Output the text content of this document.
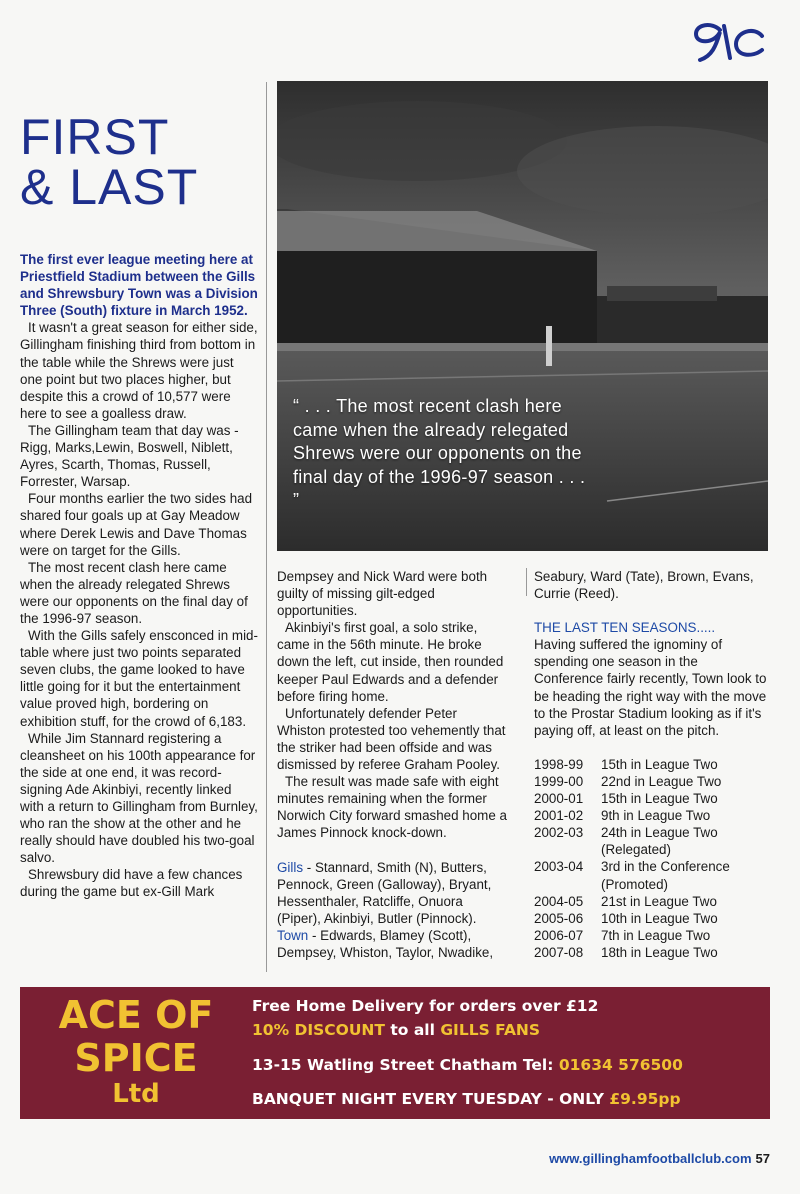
FIRST
& LAST

“ . . . The most recent clash here came when the already relegated Shrews were our opponents on the final day of the 1996-97 season . . . ”

The first ever league meeting here at Priestfield Stadium between the Gills and Shrewsbury Town was a Division Three (South) fixture in March 1952.

It wasn't a great season for either side, Gillingham finishing third from bottom in the table while the Shrews were just one point but two places higher, but despite this a crowd of 10,577 were here to see a goalless draw.

The Gillingham team that day was - Rigg, Marks,Lewin, Boswell, Niblett, Ayres, Scarth, Thomas, Russell, Forrester, Warsap.

Four months earlier the two sides had shared four goals up at Gay Meadow where Derek Lewis and Dave Thomas were on target for the Gills.

The most recent clash here came when the already relegated Shrews were our opponents on the final day of the 1996-97 season.

With the Gills safely ensconced in mid-table where just two points separated seven clubs, the game looked to have little going for it but the entertainment value proved high, bordering on exhibition stuff, for the crowd of 6,183.

While Jim Stannard registering a cleansheet on his 100th appearance for the side at one end, it was record-signing Ade Akinbiyi, recently linked with a return to Gillingham from Burnley, who ran the show at the other and he really should have doubled his two-goal salvo.

Shrewsbury did have a few chances during the game but ex-Gill Mark

Dempsey and Nick Ward were both guilty of missing gilt-edged opportunities.

Akinbiyi's first goal, a solo strike, came in the 56th minute. He broke down the left, cut inside, then rounded keeper Paul Edwards and a defender before firing home.

Unfortunately defender Peter Whiston protested too vehemently that the striker had been offside and was dismissed by referee Graham Pooley.

The result was made safe with eight minutes remaining when the former Norwich City forward smashed home a James Pinnock knock-down.

Gills - Stannard, Smith (N), Butters, Pennock, Green (Galloway), Bryant, Hessenthaler, Ratcliffe, Onuora (Piper), Akinbiyi, Butler (Pinnock).

Town - Edwards, Blamey (Scott), Dempsey, Whiston, Taylor, Nwadike,

Seabury, Ward (Tate), Brown, Evans, Currie (Reed).

THE LAST TEN SEASONS.....

Having suffered the ignominy of spending one season in the Conference fairly recently, Town look to be heading the right way with the move to the Prostar Stadium looking as if it's paying off, at least on the pitch.

1998-99	15th in League Two
1999-00	22nd in League Two
2000-01	15th in League Two
2001-02	9th in League Two
2002-03	24th in League Two
(Relegated)
2003-04	3rd in the Conference
(Promoted)
2004-05	21st in League Two
2005-06	10th in League Two
2006-07	7th in League Two
2007-08	18th in League Two
ACE OF
SPICE
Ltd
Free Home Delivery for orders over £12
10% DISCOUNT to all GILLS FANS
13-15 Watling Street Chatham Tel: 01634 576500
BANQUET NIGHT EVERY TUESDAY - ONLY £9.95pp
www.gillinghamfootballclub.com 57
